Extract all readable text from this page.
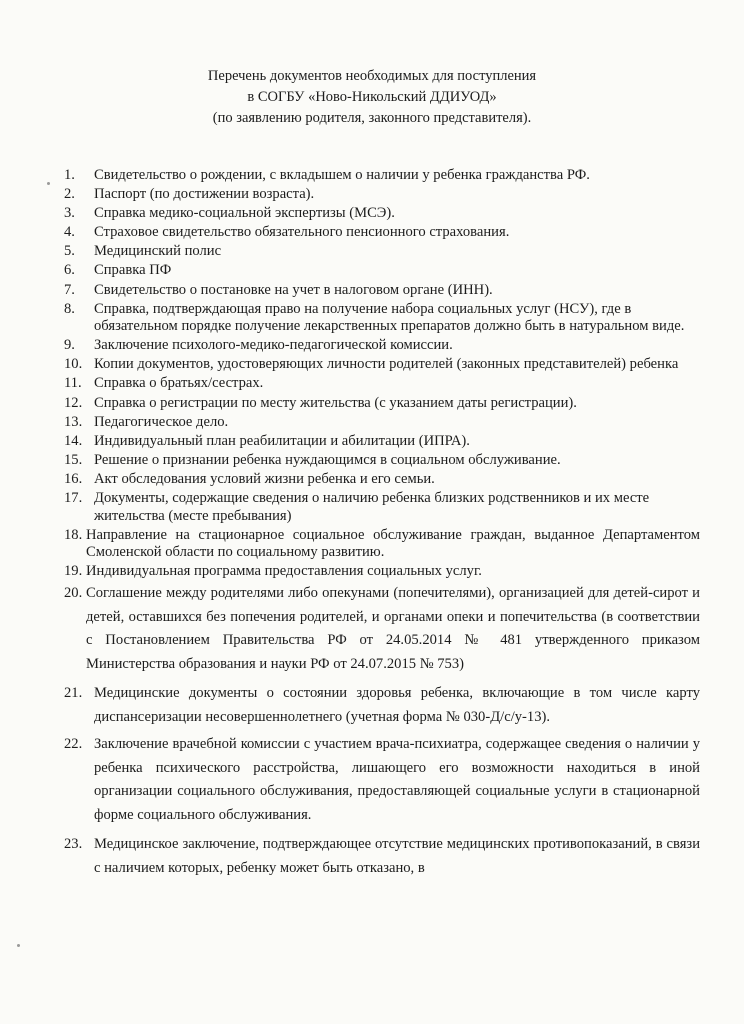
Перечень документов необходимых для поступления
в СОГБУ «Ново-Никольский ДДИУОД»
(по заявлению родителя, законного представителя).
1. Свидетельство о рождении, с вкладышем о наличии у ребенка гражданства РФ.
2. Паспорт (по достижении возраста).
3. Справка медико-социальной экспертизы (МСЭ).
4. Страховое свидетельство обязательного пенсионного страхования.
5. Медицинский полис
6. Справка ПФ
7. Свидетельство о постановке на учет в налоговом органе (ИНН).
8. Справка, подтверждающая право на получение набора социальных услуг (НСУ), где в обязательном порядке получение лекарственных препаратов должно быть в натуральном виде.
9. Заключение психолого-медико-педагогической комиссии.
10. Копии документов, удостоверяющих личности родителей (законных представителей) ребенка
11. Справка о братьях/сестрах.
12. Справка о регистрации по месту жительства (с указанием даты регистрации).
13. Педагогическое дело.
14. Индивидуальный план реабилитации и абилитации (ИПРА).
15. Решение о признании ребенка нуждающимся в социальном обслуживание.
16. Акт обследования условий жизни ребенка и его семьи.
17. Документы, содержащие сведения о наличию ребенка близких родственников и их месте жительства (месте пребывания)
18. Направление на стационарное социальное обслуживание граждан, выданное Департаментом Смоленской области по социальному развитию.
19. Индивидуальная программа предоставления социальных услуг.
20. Соглашение между родителями либо опекунами (попечителями), организацией для детей-сирот и детей, оставшихся без попечения родителей, и органами опеки и попечительства (в соответствии с Постановлением Правительства РФ от 24.05.2014 № 481 утвержденного приказом Министерства образования и науки РФ от 24.07.2015 № 753)
21. Медицинские документы о состоянии здоровья ребенка, включающие в том числе карту диспансеризации несовершеннолетнего (учетная форма № 030-Д/с/у-13).
22. Заключение врачебной комиссии с участием врача-психиатра, содержащее сведения о наличии у ребенка психического расстройства, лишающего его возможности находиться в иной организации социального обслуживания, предоставляющей социальные услуги в стационарной форме социального обслуживания.
23. Медицинское заключение, подтверждающее отсутствие медицинских противопоказаний, в связи с наличием которых, ребенку может быть отказано, в
